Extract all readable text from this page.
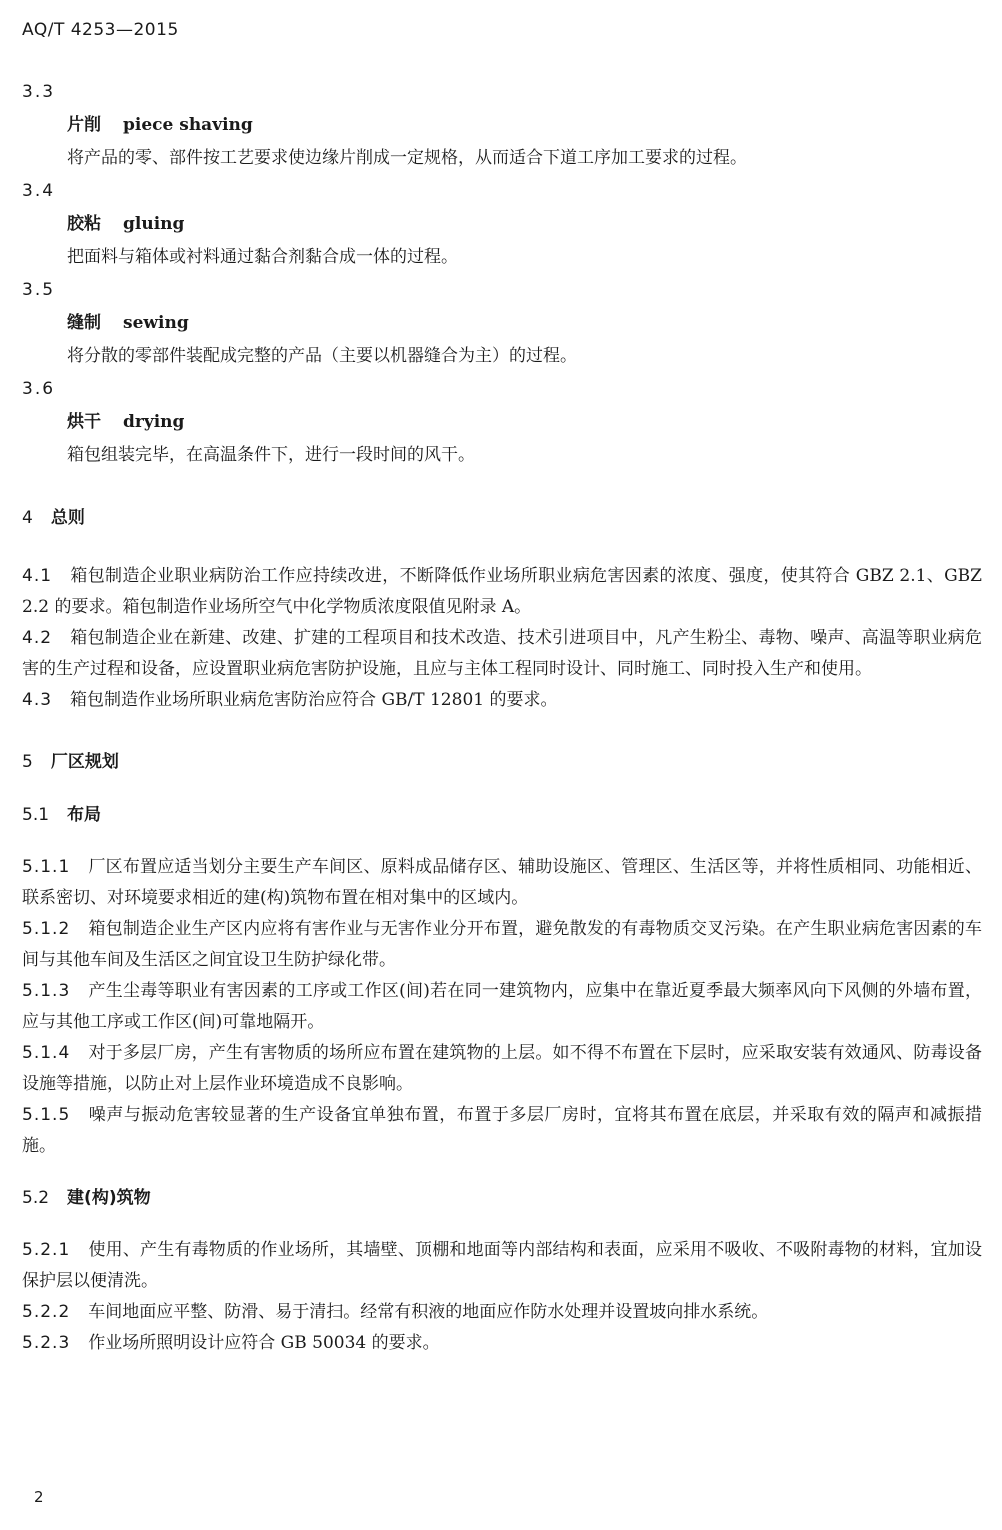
AQ/T 4253—2015
3.3
片削 piece shaving
将产品的零、部件按工艺要求使边缘片削成一定规格，从而适合下道工序加工要求的过程。
3.4
胶粘 gluing
把面料与箱体或衬料通过黏合剂黏合成一体的过程。
3.5
缝制 sewing
将分散的零部件装配成完整的产品（主要以机器缝合为主）的过程。
3.6
烘干 drying
箱包组装完毕，在高温条件下，进行一段时间的风干。
4 总则
4.1 箱包制造企业职业病防治工作应持续改进，不断降低作业场所职业病危害因素的浓度、强度，使其符合 GBZ 2.1、GBZ 2.2 的要求。箱包制造作业场所空气中化学物质浓度限值见附录 A。
4.2 箱包制造企业在新建、改建、扩建的工程项目和技术改造、技术引进项目中，凡产生粉尘、毒物、噪声、高温等职业病危害的生产过程和设备，应设置职业病危害防护设施，且应与主体工程同时设计、同时施工、同时投入生产和使用。
4.3 箱包制造作业场所职业病危害防治应符合 GB/T 12801 的要求。
5 厂区规划
5.1 布局
5.1.1 厂区布置应适当划分主要生产车间区、原料成品储存区、辅助设施区、管理区、生活区等，并将性质相同、功能相近、联系密切、对环境要求相近的建(构)筑物布置在相对集中的区域内。
5.1.2 箱包制造企业生产区内应将有害作业与无害作业分开布置，避免散发的有毒物质交叉污染。在产生职业病危害因素的车间与其他车间及生活区之间宜设卫生防护绿化带。
5.1.3 产生尘毒等职业有害因素的工序或工作区(间)若在同一建筑物内，应集中在靠近夏季最大频率风向下风侧的外墙布置，应与其他工序或工作区(间)可靠地隔开。
5.1.4 对于多层厂房，产生有害物质的场所应布置在建筑物的上层。如不得不布置在下层时，应采取安装有效通风、防毒设备设施等措施，以防止对上层作业环境造成不良影响。
5.1.5 噪声与振动危害较显著的生产设备宜单独布置，布置于多层厂房时，宜将其布置在底层，并采取有效的隔声和减振措施。
5.2 建(构)筑物
5.2.1 使用、产生有毒物质的作业场所，其墙壁、顶棚和地面等内部结构和表面，应采用不吸收、不吸附毒物的材料，宜加设保护层以便清洗。
5.2.2 车间地面应平整、防滑、易于清扫。经常有积液的地面应作防水处理并设置坡向排水系统。
5.2.3 作业场所照明设计应符合 GB 50034 的要求。
2
